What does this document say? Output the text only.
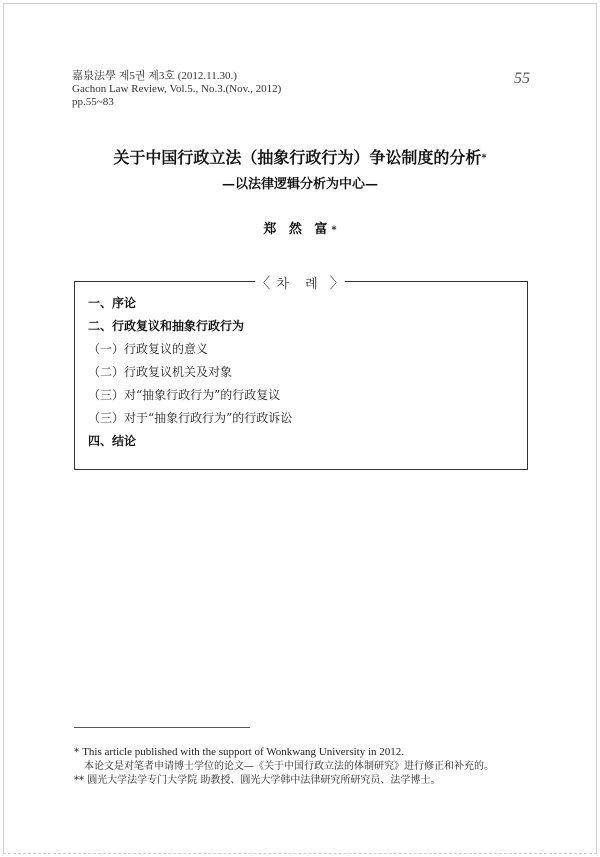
嘉泉法學 제5권 제3호 (2012.11.30.)
Gachon Law Review, Vol.5., No.3.(Nov., 2012)
pp.55~83
55
关于中国行政立法（抽象行政行为）争讼制度的分析*
—以法律逻辑分析为中心—
郑 然 富*
〈 차 례 〉
一、序论
二、行政复议和抽象行政行为
（一）行政复议的意义
（二）行政复议机关及对象
（三）对“抽象行政行为”的行政复议
（三）对于“抽象行政行为”的行政诉讼
四、结论
* This article published with the support of Wonkwang University in 2012.
本论文是对笔者申请博士学位的论文—《关于中国行政立法的体制研究》进行修正和补充的。
** 圓光大学法学专门大学院 助教授、圓光大学韩中法律研究所研究员、法学博士。
